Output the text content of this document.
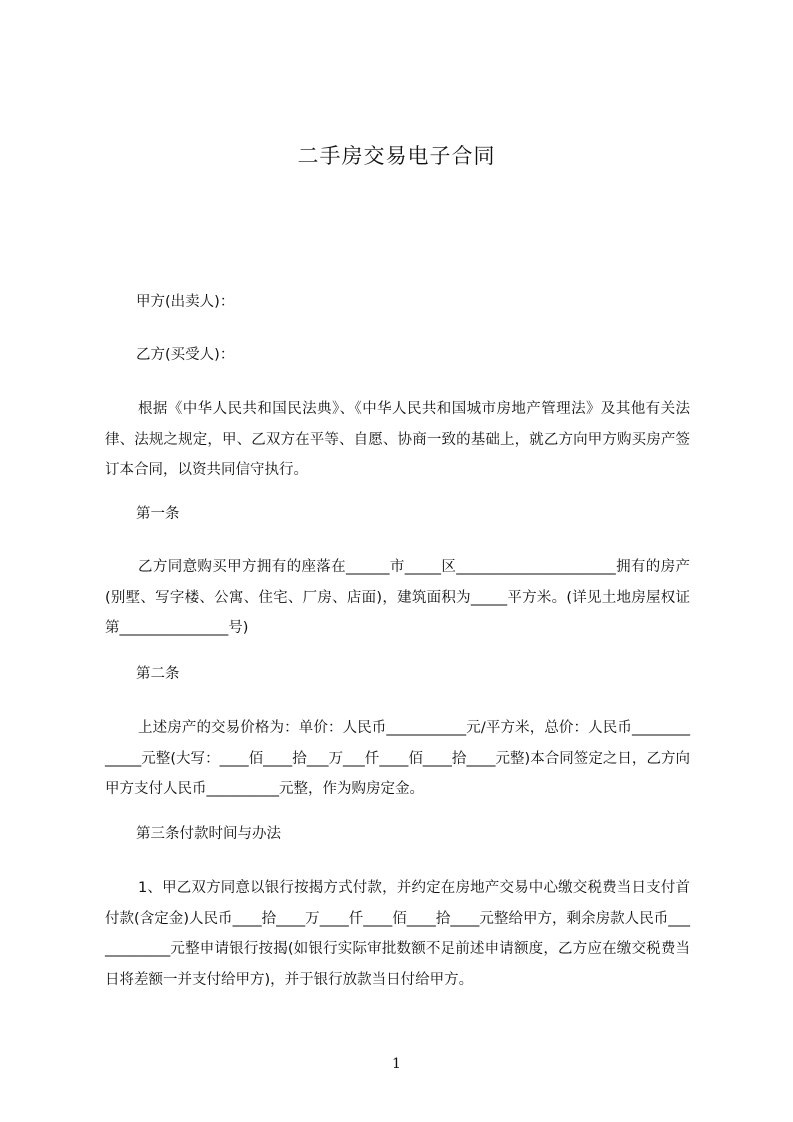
二手房交易电子合同
甲方(出卖人)：
乙方(买受人)：
根据《中华人民共和国民法典》、《中华人民共和国城市房地产管理法》及其他有关法律、法规之规定，甲、乙双方在平等、自愿、协商一致的基础上，就乙方向甲方购买房产签订本合同，以资共同信守执行。
第一条
乙方同意购买甲方拥有的座落在______市_____区______________________拥有的房产(别墅、写字楼、公寓、住宅、厂房、店面)，建筑面积为_____平方米。(详见土地房屋权证第_______________号)
第二条
上述房产的交易价格为：单价：人民币___________元/平方米，总价：人民币_____________元整(大写：____佰____拾___万___仟____佰____拾____元整)本合同签定之日，乙方向甲方支付人民币__________元整，作为购房定金。
第三条付款时间与办法
1、甲乙双方同意以银行按揭方式付款，并约定在房地产交易中心缴交税费当日支付首付款(含定金)人民币____拾____万____仟____佰____拾____元整给甲方，剩余房款人民币____________元整申请银行按揭(如银行实际审批数额不足前述申请额度，乙方应在缴交税费当日将差额一并支付给甲方)，并于银行放款当日付给甲方。
1
